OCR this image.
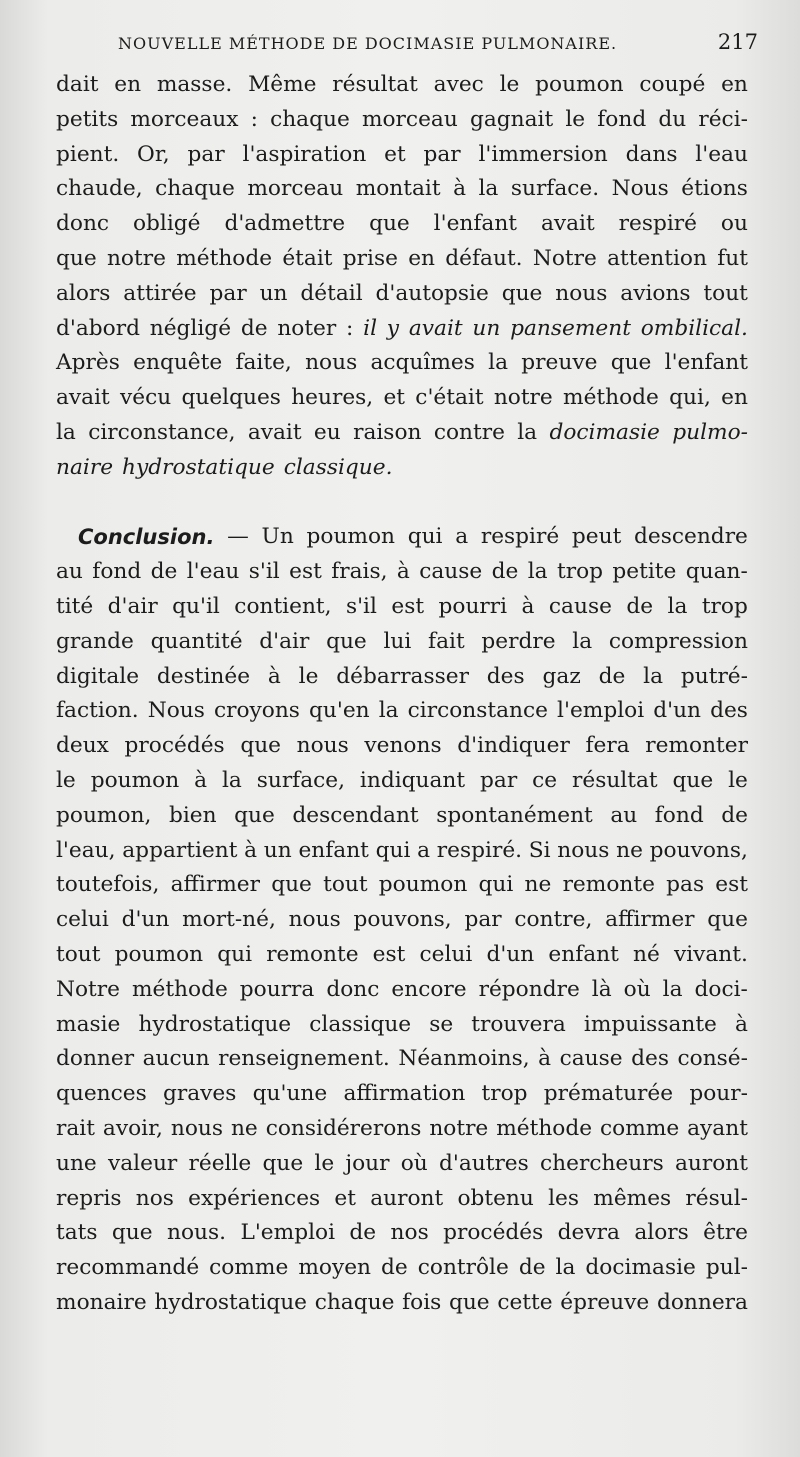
NOUVELLE MÉTHODE DE DOCIMASIE PULMONAIRE.	217
dait en masse. Même résultat avec le poumon coupé en
petits morceaux : chaque morceau gagnait le fond du réci-
pient. Or, par l'aspiration et par l'immersion dans l'eau
chaude, chaque morceau montait à la surface. Nous étions
donc obligé d'admettre que l'enfant avait respiré ou
que notre méthode était prise en défaut. Notre attention fut
alors attirée par un détail d'autopsie que nous avions tout
d'abord négligé de noter : il y avait un pansement ombilical.
Après enquête faite, nous acquîmes la preuve que l'enfant
avait vécu quelques heures, et c'était notre méthode qui, en
la circonstance, avait eu raison contre la docimasie pulmo-
naire hydrostatique classique.
Conclusion. — Un poumon qui a respiré peut descendre
au fond de l'eau s'il est frais, à cause de la trop petite quan-
tité d'air qu'il contient, s'il est pourri à cause de la trop
grande quantité d'air que lui fait perdre la compression
digitale destinée à le débarrasser des gaz de la putré-
faction. Nous croyons qu'en la circonstance l'emploi d'un des
deux procédés que nous venons d'indiquer fera remonter
le poumon à la surface, indiquant par ce résultat que le
poumon, bien que descendant spontanément au fond de
l'eau, appartient à un enfant qui a respiré. Si nous ne pouvons,
toutefois, affirmer que tout poumon qui ne remonte pas est
celui d'un mort-né, nous pouvons, par contre, affirmer que
tout poumon qui remonte est celui d'un enfant né vivant.
Notre méthode pourra donc encore répondre là où la doci-
masie hydrostatique classique se trouvera impuissante à
donner aucun renseignement. Néanmoins, à cause des consé-
quences graves qu'une affirmation trop prématurée pour-
rait avoir, nous ne considérerons notre méthode comme ayant
une valeur réelle que le jour où d'autres chercheurs auront
repris nos expériences et auront obtenu les mêmes résul-
tats que nous. L'emploi de nos procédés devra alors être
recommandé comme moyen de contrôle de la docimasie pul-
monaire hydrostatique chaque fois que cette épreuve donnera
